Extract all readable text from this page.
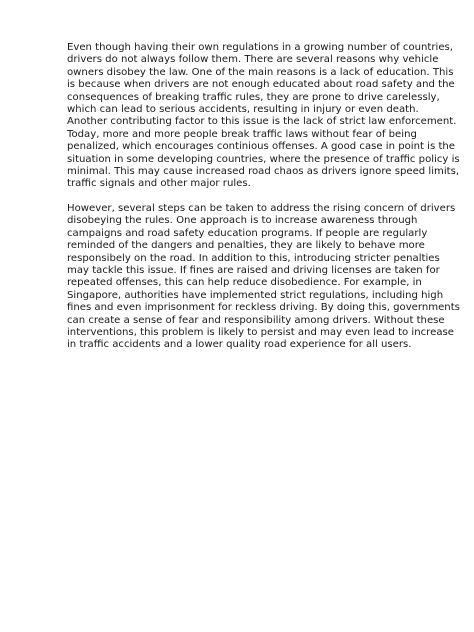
Even though having their own regulations in a growing number of countries,
drivers do not always follow them. There are several reasons why vehicle
owners disobey the law. One of the main reasons is a lack of education. This
is because when drivers are not enough educated about road safety and the
consequences of breaking traffic rules, they are prone to drive carelessly,
which can lead to serious accidents, resulting in injury or even death.
Another contributing factor to this issue is the lack of strict law enforcement.
Today, more and more people break traffic laws without fear of being
penalized, which encourages continious offenses. A good case in point is the
situation in some developing countries, where the presence of traffic policy is
minimal. This may cause increased road chaos as drivers ignore speed limits,
traffic signals and other major rules.

However, several steps can be taken to address the rising concern of drivers
disobeying the rules. One approach is to increase awareness through
campaigns and road safety education programs. If people are regularly
reminded of the dangers and penalties, they are likely to behave more
responsibely on the road. In addition to this, introducing stricter penalties
may tackle this issue. If fines are raised and driving licenses are taken for
repeated offenses, this can help reduce disobedience. For example, in
Singapore, authorities have implemented strict regulations, including high
fines and even imprisonment for reckless driving. By doing this, governments
can create a sense of fear and responsibility among drivers. Without these
interventions, this problem is likely to persist and may even lead to increase
in traffic accidents and a lower quality road experience for all users.
